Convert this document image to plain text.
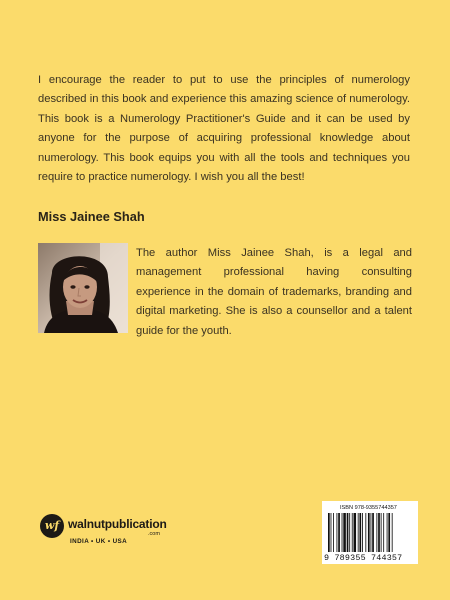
I encourage the reader to put to use the principles of numerology described in this book and experience this amazing science of numerology. This book is a Numerology Practitioner's Guide and it can be used by anyone for the purpose of acquiring professional knowledge about numerology. This book equips you with all the tools and techniques you require to practice numerology. I wish you all the best!

Miss Jainee Shah

The author Miss Jainee Shah, is a legal and management professional having consulting experience in the domain of trademarks, branding and digital marketing. She is also a counsellor and a talent guide for the youth.

wf walnutpublication
.com
INDIA • UK • USA
ISBN 978-9355744357
9 789355 744357
